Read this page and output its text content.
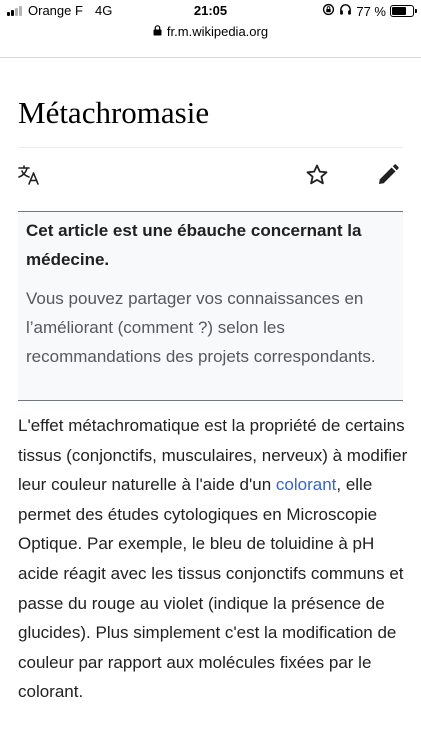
Orange F 4G	21:05	77 %
fr.m.wikipedia.org
Métachromasie
Cet article est une ébauche concernant la médecine.
Vous pouvez partager vos connaissances en l’améliorant (comment ?) selon les recommandations des projets correspondants.

L'effet métachromatique est la propriété de certains tissus (conjonctifs, musculaires, nerveux) à modifier leur couleur naturelle à l'aide d'un colorant, elle permet des études cytologiques en Microscopie Optique. Par exemple, le bleu de toluidine à pH acide réagit avec les tissus conjonctifs communs et passe du rouge au violet (indique la présence de glucides). Plus simplement c'est la modification de couleur par rapport aux molécules fixées par le colorant.
